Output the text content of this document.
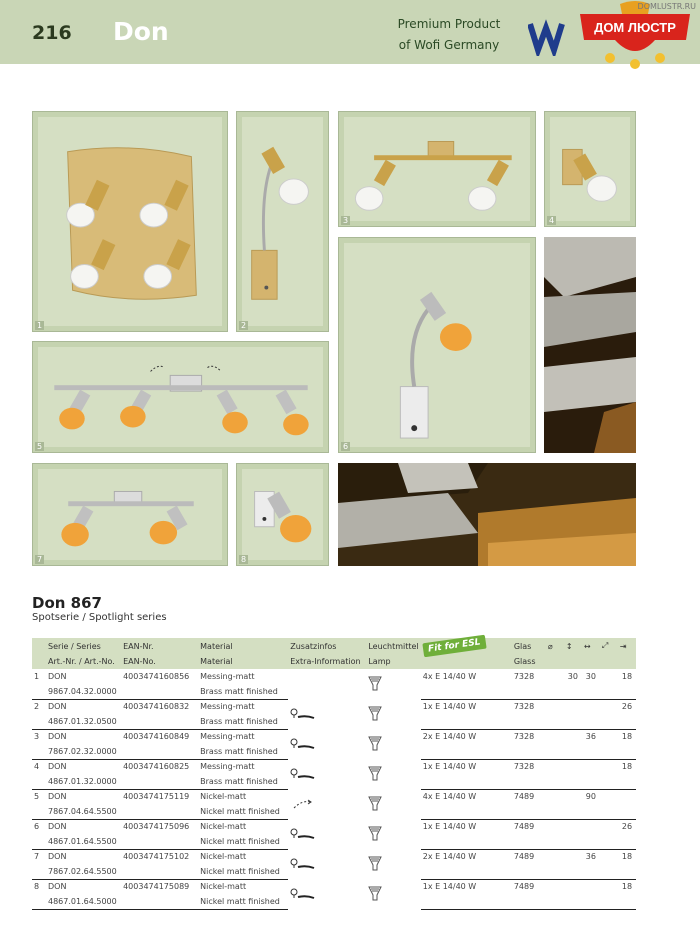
216 Don	Premium Product
of Wofi Germany
ДОМ ЛЮСТР
DOMLUSTR.RU
1	2
3	4
6
5
7	8
Don 867
Spotserie / Spotlight series
	Serie / Series	EAN-Nr.	Material	Zusatzinfos	Leuchtmittel	Fit for ESL	Glas	⌀	↕	↔	⤢	⇥
	Art.-Nr. / Art.-No.	EAN-No.	Material	Extra-Information	Lamp		Glass					
1	DON	4003474160856	Messing-matt			4x E 14/40 W	7328		30	30		18
	9867.04.32.0000		Brass matt finished									
2	DON	4003474160832	Messing-matt			1x E 14/40 W	7328					26
	4867.01.32.0500		Brass matt finished									
3	DON	4003474160849	Messing-matt			2x E 14/40 W	7328			36		18
	7867.02.32.0000		Brass matt finished									
4	DON	4003474160825	Messing-matt			1x E 14/40 W	7328					18
	4867.01.32.0000		Brass matt finished									
5	DON	4003474175119	Nickel-matt			4x E 14/40 W	7489			90		
	7867.04.64.5500		Nickel matt finished									
6	DON	4003474175096	Nickel-matt			1x E 14/40 W	7489					26
	4867.01.64.5500		Nickel matt finished									
7	DON	4003474175102	Nickel-matt			2x E 14/40 W	7489			36		18
	7867.02.64.5500		Nickel matt finished									
8	DON	4003474175089	Nickel-matt			1x E 14/40 W	7489					18
	4867.01.64.5000		Nickel matt finished									
